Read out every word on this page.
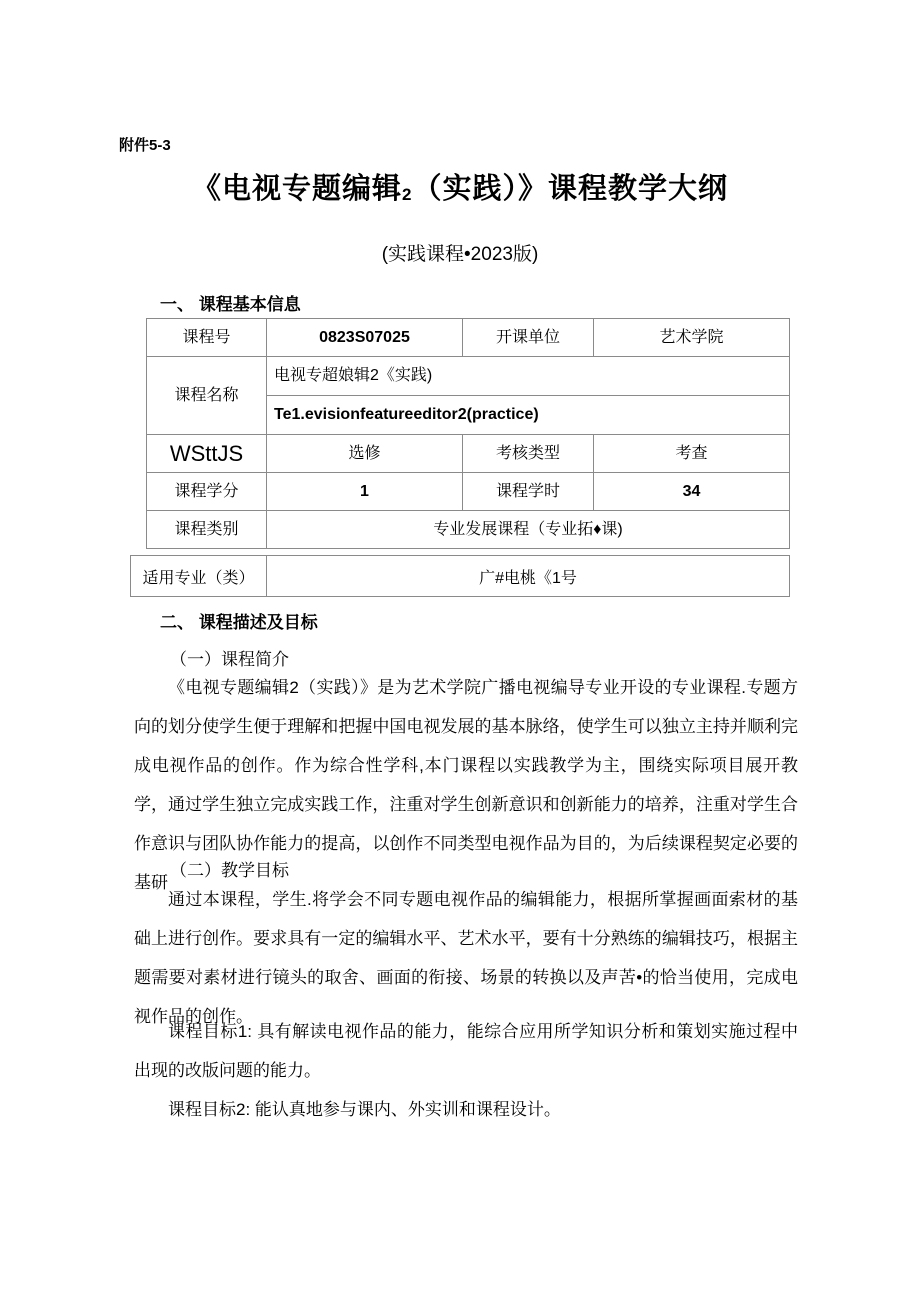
附件5-3
《电视专题编辑2（实践）》课程教学大纲
(实践课程•2023版)
一、 课程基本信息
课程号	0823S07025	开课单位	艺术学院
课程名称	电视专超娘辑2《实践)		
	Te1.evisionfeatureeditor2(practice)		
WSttJS	选修	考核类型	考查
课程学分	1	课程学时	34
课程类别	专业发展课程（专业拓♦课)		
适用专业（类）	广#电桃《1号
二、 课程描述及目标
（一）课程简介
《电视专题编辑2（实践）》是为艺术学院广播电视编导专业开设的专业课程.专题方向的划分使学生便于理解和把握中国电视发展的基本脉络，使学生可以独立主持并顺利完成电视作品的创作。作为综合性学科,本门课程以实践教学为主，围绕实际项目展开教学，通过学生独立完成实践工作，注重对学生创新意识和创新能力的培养，注重对学生合作意识与团队协作能力的提高，以创作不同类型电视作品为目的，为后续课程契定必要的基研
（二）教学目标
通过本课程，学生.将学会不同专题电视作品的编辑能力，根据所掌握画面索材的基础上进行创作。要求具有一定的编辑水平、艺术水平，要有十分熟练的编辑技巧，根据主题需要对素材进行镜头的取舍、画面的衔接、场景的转换以及声苦•的恰当使用，完成电视作品的创作。
课程目标1: 具有解读电视作品的能力，能综合应用所学知识分析和策划实施过程中出现的改版问题的能力。
课程目标2: 能认真地参与课内、外实训和课程设计。
